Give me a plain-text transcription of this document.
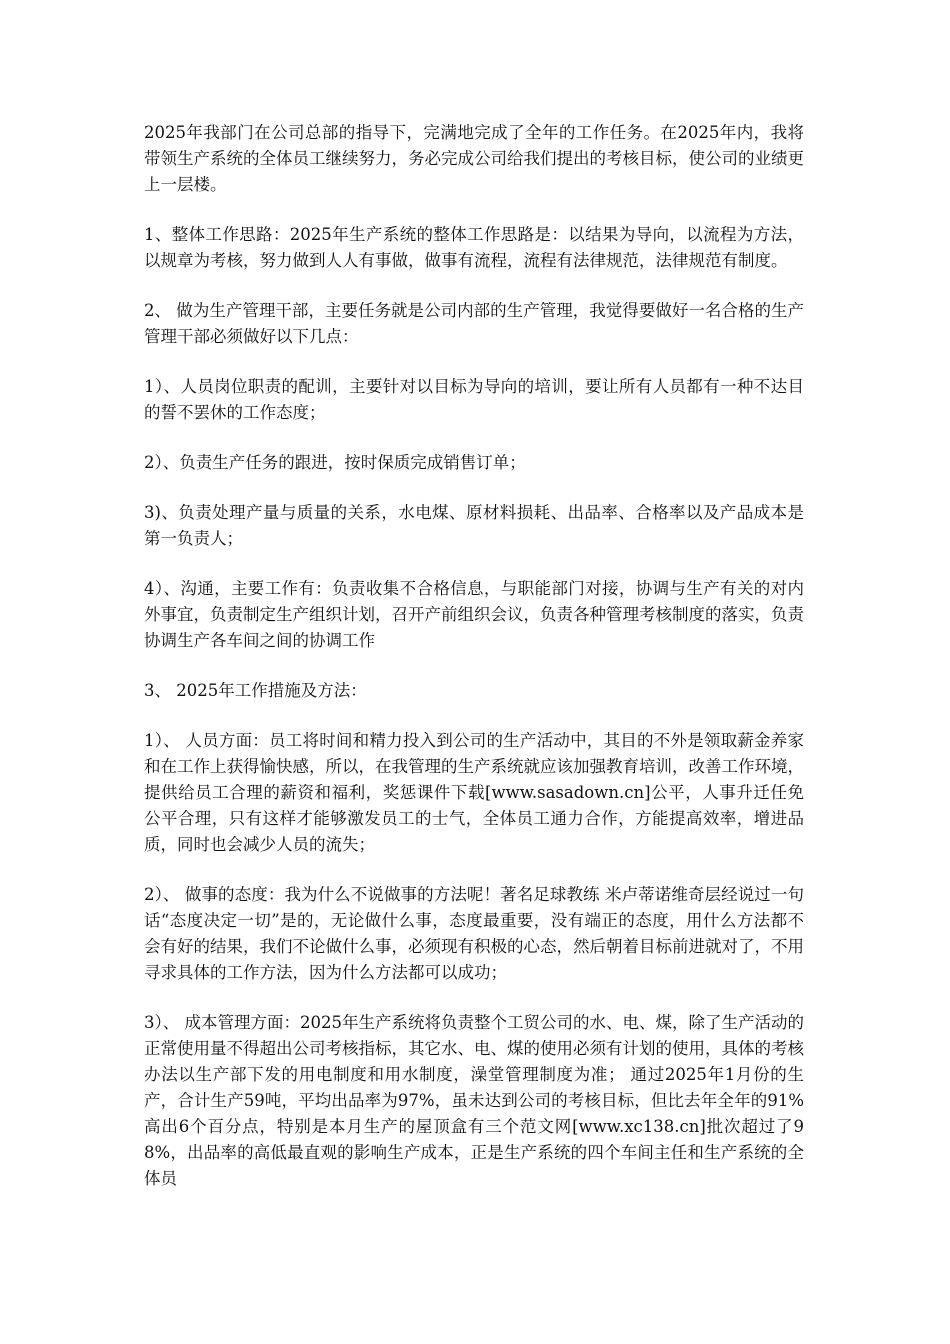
2025年我部门在公司总部的指导下，完满地完成了全年的工作任务。在2025年内，我将带领生产系统的全体员工继续努力，务必完成公司给我们提出的考核目标，使公司的业绩更上一层楼。

1、整体工作思路：2025年生产系统的整体工作思路是：以结果为导向，以流程为方法，以规章为考核，努力做到人人有事做，做事有流程，流程有法律规范，法律规范有制度。

2、 做为生产管理干部，主要任务就是公司内部的生产管理，我觉得要做好一名合格的生产管理干部必须做好以下几点：

1）、人员岗位职责的配训，主要针对以目标为导向的培训，要让所有人员都有一种不达目的誓不罢休的工作态度；

2）、负责生产任务的跟进，按时保质完成销售订单；

3)、负责处理产量与质量的关系，水电煤、原材料损耗、出品率、合格率以及产品成本是第一负责人；

4）、沟通，主要工作有：负责收集不合格信息，与职能部门对接，协调与生产有关的对内外事宜，负责制定生产组织计划，召开产前组织会议，负责各种管理考核制度的落实，负责协调生产各车间之间的协调工作

3、 2025年工作措施及方法：

1）、 人员方面：员工将时间和精力投入到公司的生产活动中，其目的不外是领取薪金养家和在工作上获得愉快感，所以，在我管理的生产系统就应该加强教育培训，改善工作环境，提供给员工合理的薪资和福利，奖惩课件下载[www.sasadown.cn]公平，人事升迁任免公平合理，只有这样才能够激发员工的士气，全体员工通力合作，方能提高效率，增进品质，同时也会减少人员的流失；

2）、 做事的态度：我为什么不说做事的方法呢！著名足球教练 米卢蒂诺维奇层经说过一句话“态度决定一切”是的，无论做什么事，态度最重要，没有端正的态度，用什么方法都不会有好的结果，我们不论做什么事，必须现有积极的心态，然后朝着目标前进就对了，不用寻求具体的工作方法，因为什么方法都可以成功；

3）、 成本管理方面：2025年生产系统将负责整个工贸公司的水、电、煤，除了生产活动的正常使用量不得超出公司考核指标，其它水、电、煤的使用必须有计划的使用，具体的考核办法以生产部下发的用电制度和用水制度，澡堂管理制度为准； 通过2025年1月份的生产，合计生产59吨，平均出品率为97%，虽未达到公司的考核目标，但比去年全年的91%高出6个百分点，特别是本月生产的屋顶盒有三个范文网[www.xc138.cn]批次超过了98%，出品率的高低最直观的影响生产成本，正是生产系统的四个车间主任和生产系统的全体员
